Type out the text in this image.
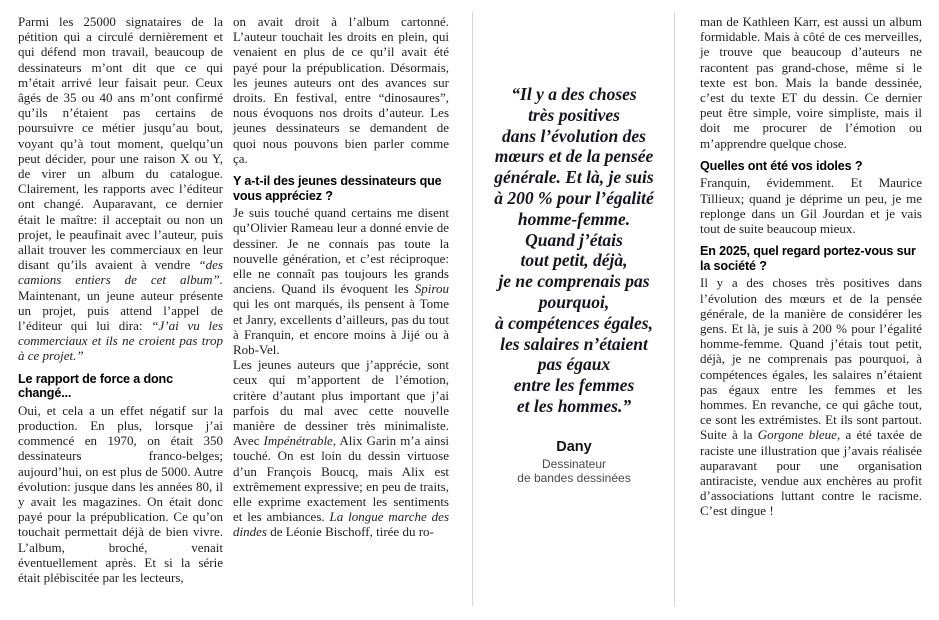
Parmi les 25000 signataires de la pétition qui a circulé dernièrement et qui défend mon travail, beaucoup de dessinateurs m’ont dit que ce qui m’était arrivé leur faisait peur. Ceux âgés de 35 ou 40 ans m’ont confirmé qu’ils n’étaient pas certains de poursuivre ce métier jusqu’au bout, voyant qu’à tout moment, quelqu’un peut décider, pour une raison X ou Y, de virer un album du catalogue. Clairement, les rapports avec l’éditeur ont changé. Auparavant, ce dernier était le maître: il acceptait ou non un projet, le peaufinait avec l’auteur, puis allait trouver les commerciaux en leur disant qu’ils avaient à vendre “des camions entiers de cet album”. Maintenant, un jeune auteur présente un projet, puis attend l’appel de l’éditeur qui lui dira: “J’ai vu les commerciaux et ils ne croient pas trop à ce projet.”

Le rapport de force a donc changé...

Oui, et cela a un effet négatif sur la production. En plus, lorsque j’ai commencé en 1970, on était 350 dessinateurs franco-belges; aujourd’hui, on est plus de 5000. Autre évolution: jusque dans les années 80, il y avait les magazines. On était donc payé pour la prépublication. Ce qu’on touchait permettait déjà de bien vivre. L’album, broché, venait éventuellement après. Et si la série était plébiscitée par les lecteurs,

on avait droit à l’album cartonné. L’auteur touchait les droits en plein, qui venaient en plus de ce qu’il avait été payé pour la prépublication. Désormais, les jeunes auteurs ont des avances sur droits. En festival, entre “dinosaures”, nous évoquons nos droits d’auteur. Les jeunes dessinateurs se demandent de quoi nous pouvons bien parler comme ça.

Y a-t-il des jeunes dessinateurs que vous appréciez ?

Je suis touché quand certains me disent qu’Olivier Rameau leur a donné envie de dessiner. Je ne connais pas toute la nouvelle génération, et c’est réciproque: elle ne connaît pas toujours les grands anciens. Quand ils évoquent les Spirou qui les ont marqués, ils pensent à Tome et Janry, excellents d’ailleurs, pas du tout à Franquin, et encore moins à Jijé ou à Rob-Vel.

Les jeunes auteurs que j’apprécie, sont ceux qui m’apportent de l’émotion, critère d’autant plus important que j’ai parfois du mal avec cette nouvelle manière de dessiner très minimaliste. Avec Impénétrable, Alix Garin m’a ainsi touché. On est loin du dessin virtuose d’un François Boucq, mais Alix est extrêmement expressive; en peu de traits, elle exprime exactement les sentiments et les ambiances. La longue marche des dindes de Léonie Bischoff, tirée du ro-

“Il y a des choses
très positives
dans l’évolution des
mœurs et de la pensée
générale. Et là, je suis
à 200 % pour l’égalité
homme-femme.
Quand j’étais
tout petit, déjà,
je ne comprenais pas
pourquoi,
à compétences égales,
les salaires n’étaient
pas égaux
entre les femmes
et les hommes.”
Dany
Dessinateur
de bandes dessinées

man de Kathleen Karr, est aussi un album formidable. Mais à côté de ces merveilles, je trouve que beaucoup d’auteurs ne racontent pas grand-chose, même si le texte est bon. Mais la bande dessinée, c’est du texte ET du dessin. Ce dernier peut être simple, voire simpliste, mais il doit me procurer de l’émotion ou m’apprendre quelque chose.

Quelles ont été vos idoles ?

Franquin, évidemment. Et Maurice Tillieux; quand je déprime un peu, je me replonge dans un Gil Jourdan et je vais tout de suite beaucoup mieux.

En 2025, quel regard portez-vous sur la société ?

Il y a des choses très positives dans l’évolution des mœurs et de la pensée générale, de la manière de considérer les gens. Et là, je suis à 200 % pour l’égalité homme-femme. Quand j’étais tout petit, déjà, je ne comprenais pas pourquoi, à compétences égales, les salaires n’étaient pas égaux entre les femmes et les hommes. En revanche, ce qui gâche tout, ce sont les extrémistes. Et ils sont partout. Suite à la Gorgone bleue, a été taxée de raciste une illustration que j’avais réalisée auparavant pour une organisation antiraciste, vendue aux enchères au profit d’associations luttant contre le racisme. C’est dingue !
